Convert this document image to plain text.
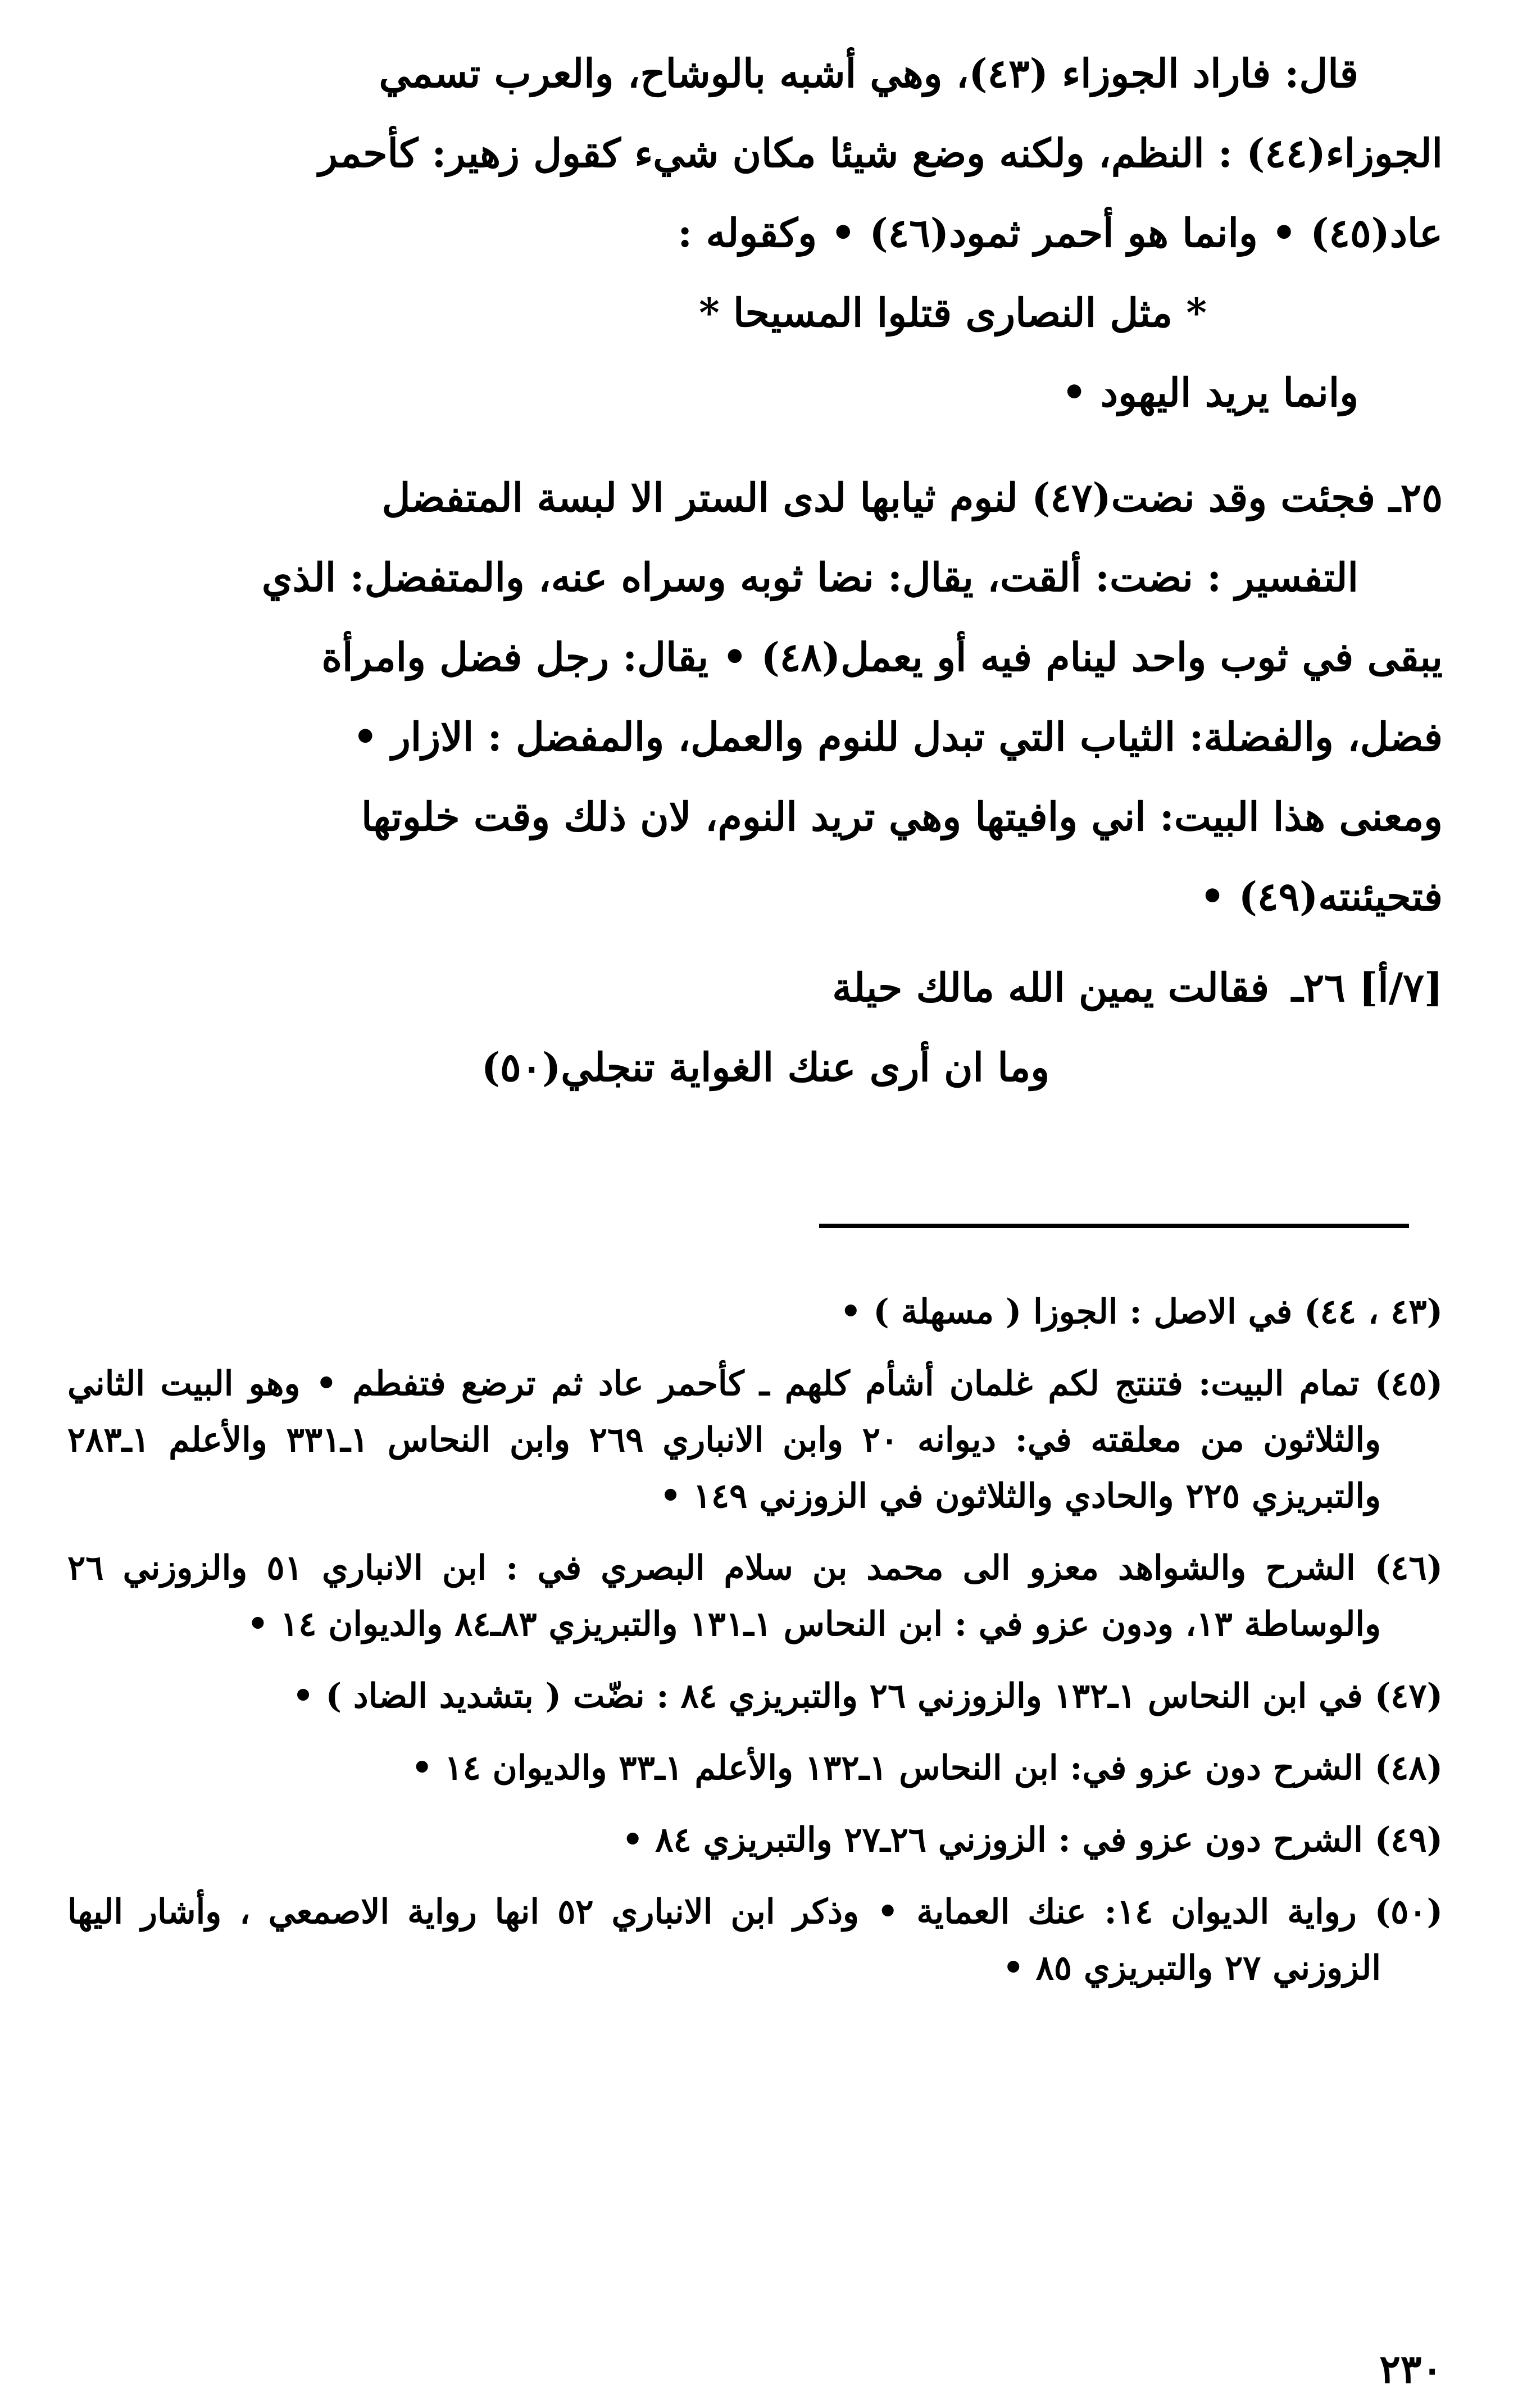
قال: فاراد الجوزاء (٤٣)، وهي أشبه بالوشاح، والعرب تسمي

الجوزاء(٤٤) : النظم، ولكنه وضع شيئا مكان شيء كقول زهير: كأحمر

عاد(٤٥) • وانما هو أحمر ثمود(٤٦) • وكقوله :

* مثل النصارى قتلوا المسيحا *

وانما يريد اليهود •

٢٥ـ فجئت وقد نضت(٤٧) لنوم ثيابها لدى الستر الا لبسة المتفضل

التفسير : نضت: ألقت، يقال: نضا ثوبه وسراه عنه، والمتفضل: الذي

يبقى في ثوب واحد لينام فيه أو يعمل(٤٨) • يقال: رجل فضل وامرأة

فضل، والفضلة: الثياب التي تبدل للنوم والعمل، والمفضل : الازار •

ومعنى هذا البيت: اني وافيتها وهي تريد النوم، لان ذلك وقت خلوتها

فتحيئنته(٤٩) •

[٧/أ] ٢٦ـ
فقالت يمين الله مالك حيلة

وما ان أرى عنك الغواية تنجلي(٥٠)

(٤٣ ، ٤٤) في الاصل : الجوزا ( مسهلة ) •

(٤٥) تمام البيت: فتنتج لكم غلمان أشأم كلهم ـ كأحمر عاد ثم ترضع فتفطم • وهو البيت الثاني والثلاثون من معلقته في: ديوانه ٢٠ وابن الانباري ٢٦٩ وابن النحاس ١ـ٣٣١ والأعلم ١ـ٢٨٣ والتبريزي ٢٢٥ والحادي والثلاثون في الزوزني ١٤٩ •

(٤٦) الشرح والشواهد معزو الى محمد بن سلام البصري في : ابن الانباري ٥١ والزوزني ٢٦ والوساطة ١٣، ودون عزو في : ابن النحاس ١ـ١٣١ والتبريزي ٨٣ـ٨٤ والديوان ١٤ •

(٤٧) في ابن النحاس ١ـ١٣٢ والزوزني ٢٦ والتبريزي ٨٤ : نضّت ( بتشديد الضاد ) •

(٤٨) الشرح دون عزو في: ابن النحاس ١ـ١٣٢ والأعلم ١ـ٣٣ والديوان ١٤ •

(٤٩) الشرح دون عزو في : الزوزني ٢٦ـ٢٧ والتبريزي ٨٤ •

(٥٠) رواية الديوان ١٤: عنك العماية • وذكر ابن الانباري ٥٢ انها رواية الاصمعي ، وأشار اليها الزوزني ٢٧ والتبريزي ٨٥ •

٢٣٠
